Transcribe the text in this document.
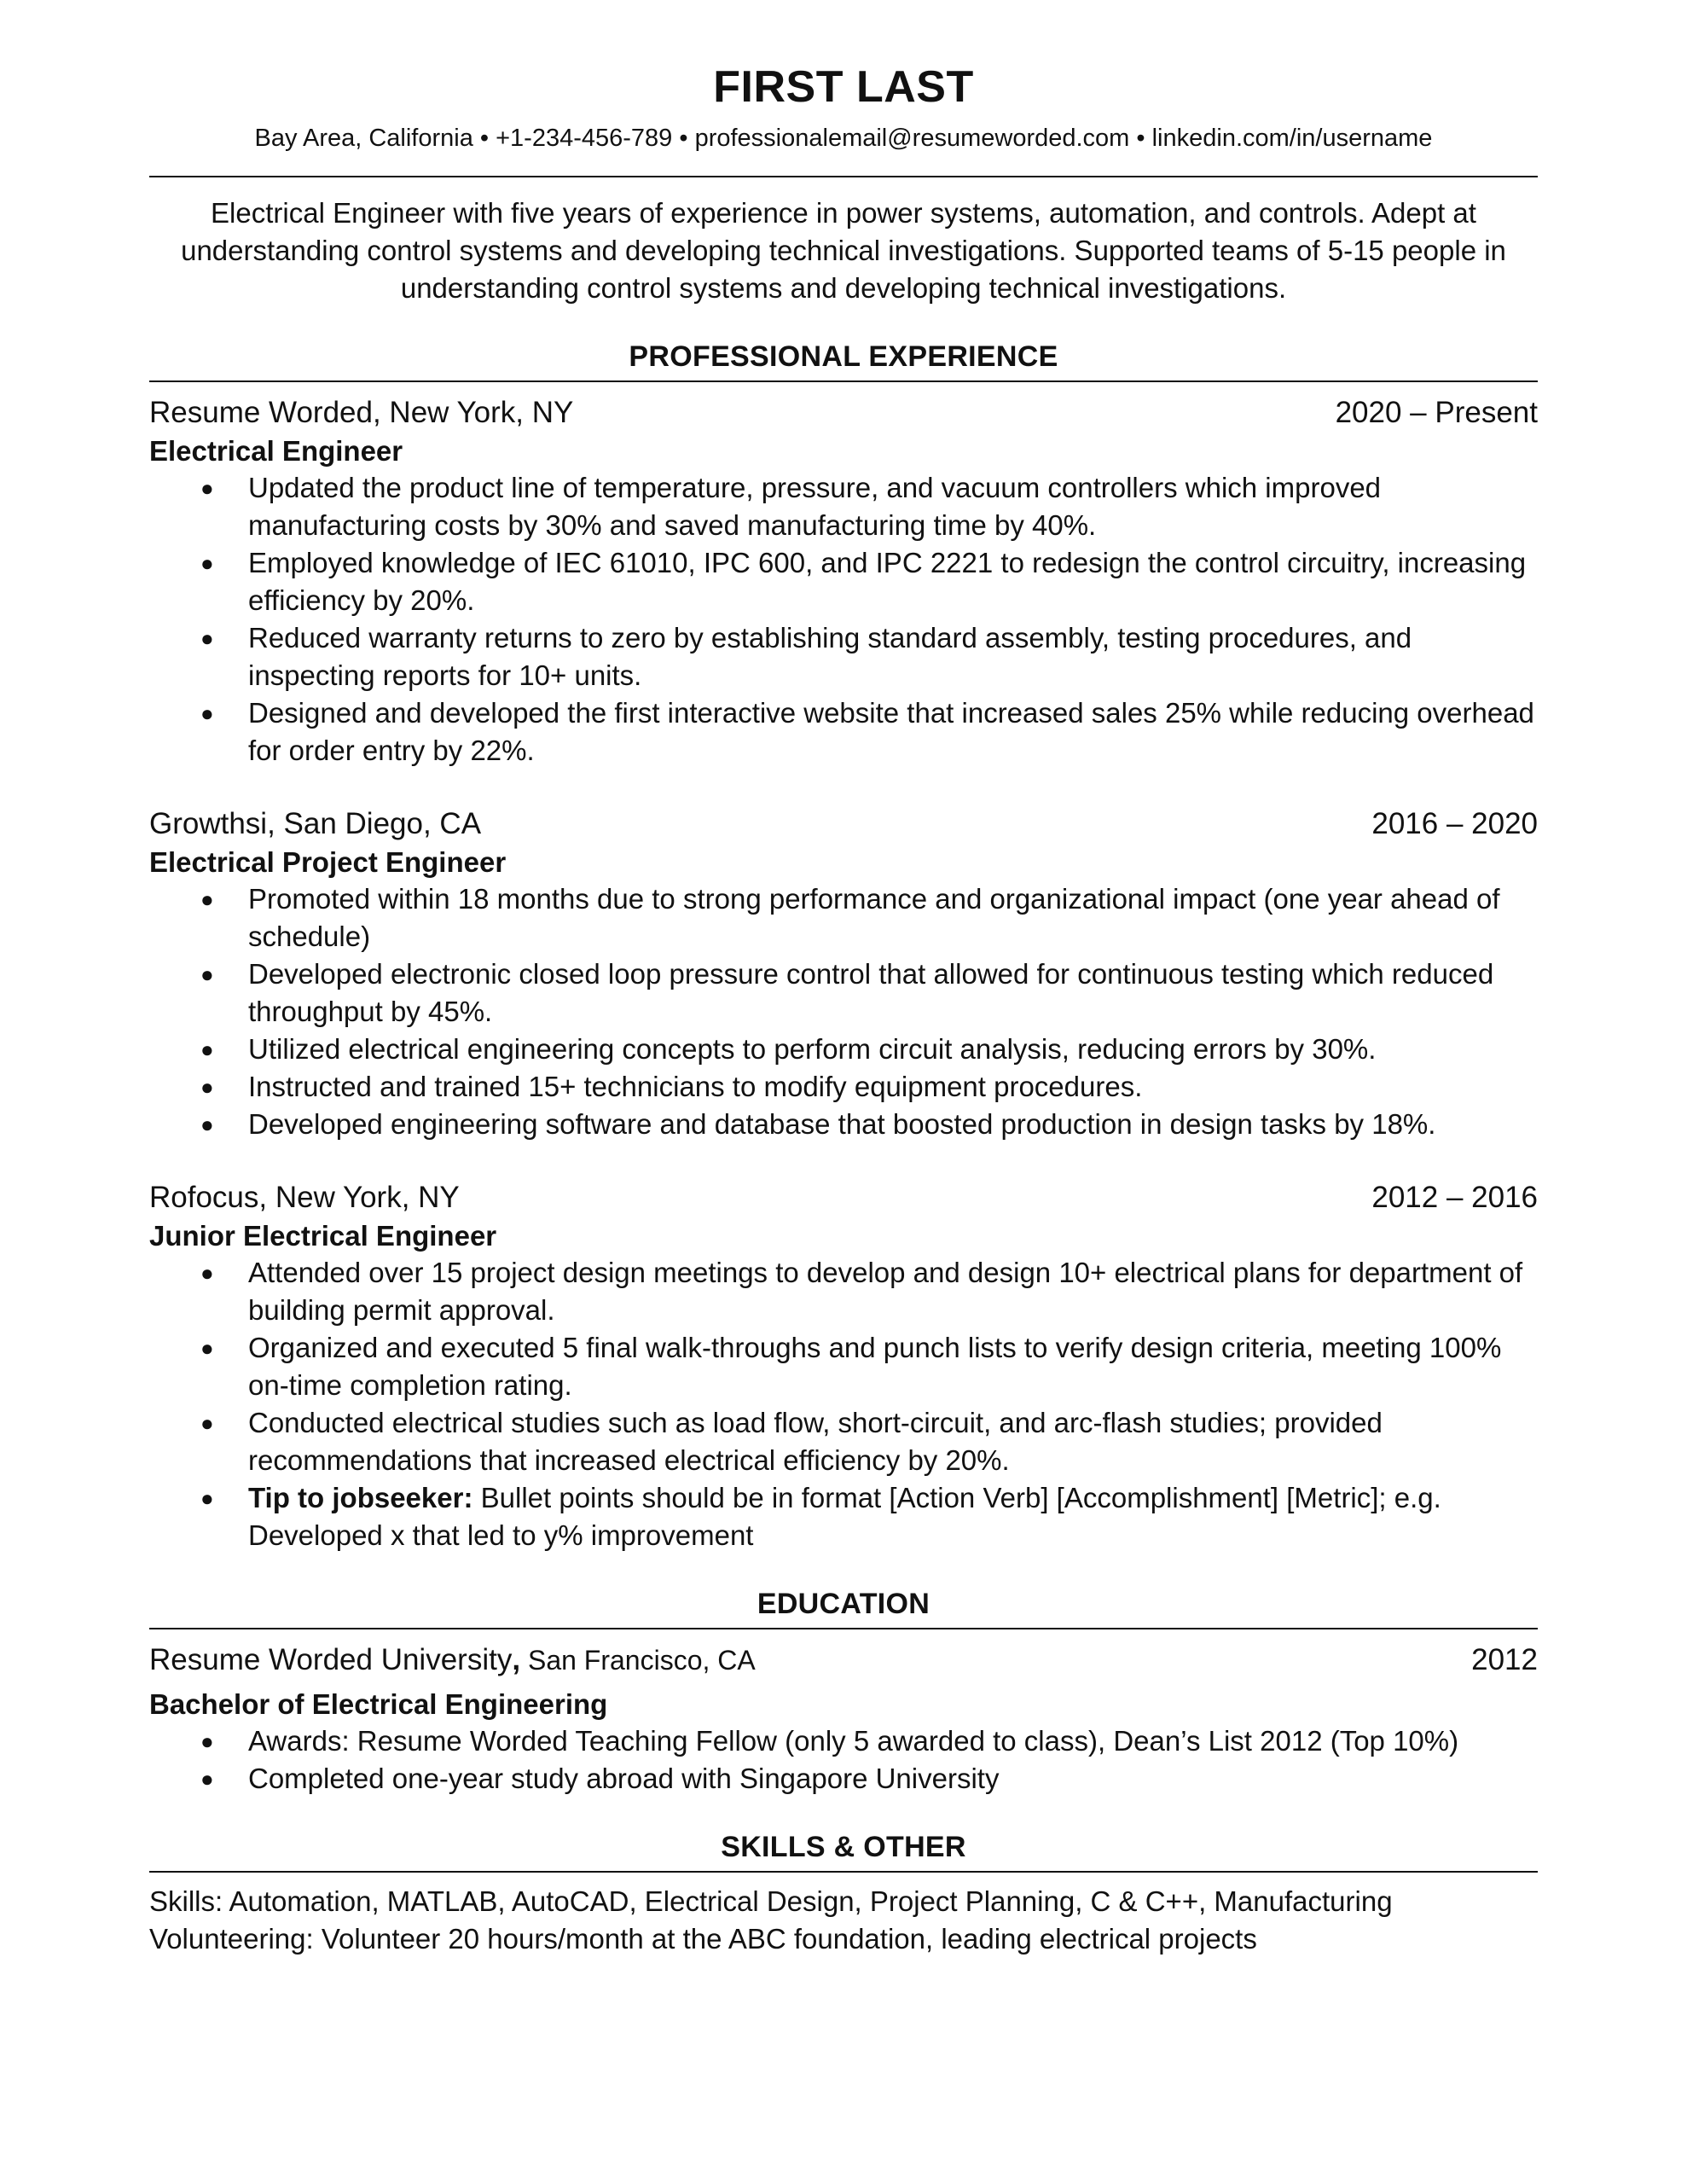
FIRST LAST
Bay Area, California • +1-234-456-789 • professionalemail@resumeworded.com • linkedin.com/in/username
Electrical Engineer with five years of experience in power systems, automation, and controls. Adept at understanding control systems and developing technical investigations. Supported teams of 5-15 people in understanding control systems and developing technical investigations.
PROFESSIONAL EXPERIENCE
Resume Worded, New York, NY	2020 – Present
Electrical Engineer
● Updated the product line of temperature, pressure, and vacuum controllers which improved manufacturing costs by 30% and saved manufacturing time by 40%.
● Employed knowledge of IEC 61010, IPC 600, and IPC 2221 to redesign the control circuitry, increasing efficiency by 20%.
● Reduced warranty returns to zero by establishing standard assembly, testing procedures, and inspecting reports for 10+ units.
● Designed and developed the first interactive website that increased sales 25% while reducing overhead for order entry by 22%.
Growthsi, San Diego, CA	2016 – 2020
Electrical Project Engineer
● Promoted within 18 months due to strong performance and organizational impact (one year ahead of schedule)
● Developed electronic closed loop pressure control that allowed for continuous testing which reduced throughput by 45%.
● Utilized electrical engineering concepts to perform circuit analysis, reducing errors by 30%.
● Instructed and trained 15+ technicians to modify equipment procedures.
● Developed engineering software and database that boosted production in design tasks by 18%.
Rofocus, New York, NY	2012 – 2016
Junior Electrical Engineer
● Attended over 15 project design meetings to develop and design 10+ electrical plans for department of building permit approval.
● Organized and executed 5 final walk-throughs and punch lists to verify design criteria, meeting 100% on-time completion rating.
● Conducted electrical studies such as load flow, short-circuit, and arc-flash studies; provided recommendations that increased electrical efficiency by 20%.
● Tip to jobseeker: Bullet points should be in format [Action Verb] [Accomplishment] [Metric]; e.g. Developed x that led to y% improvement
EDUCATION
Resume Worded University, San Francisco, CA	2012
Bachelor of Electrical Engineering
● Awards: Resume Worded Teaching Fellow (only 5 awarded to class), Dean’s List 2012 (Top 10%)
● Completed one-year study abroad with Singapore University
SKILLS & OTHER
Skills: Automation, MATLAB, AutoCAD, Electrical Design, Project Planning, C & C++, Manufacturing
Volunteering: Volunteer 20 hours/month at the ABC foundation, leading electrical projects
